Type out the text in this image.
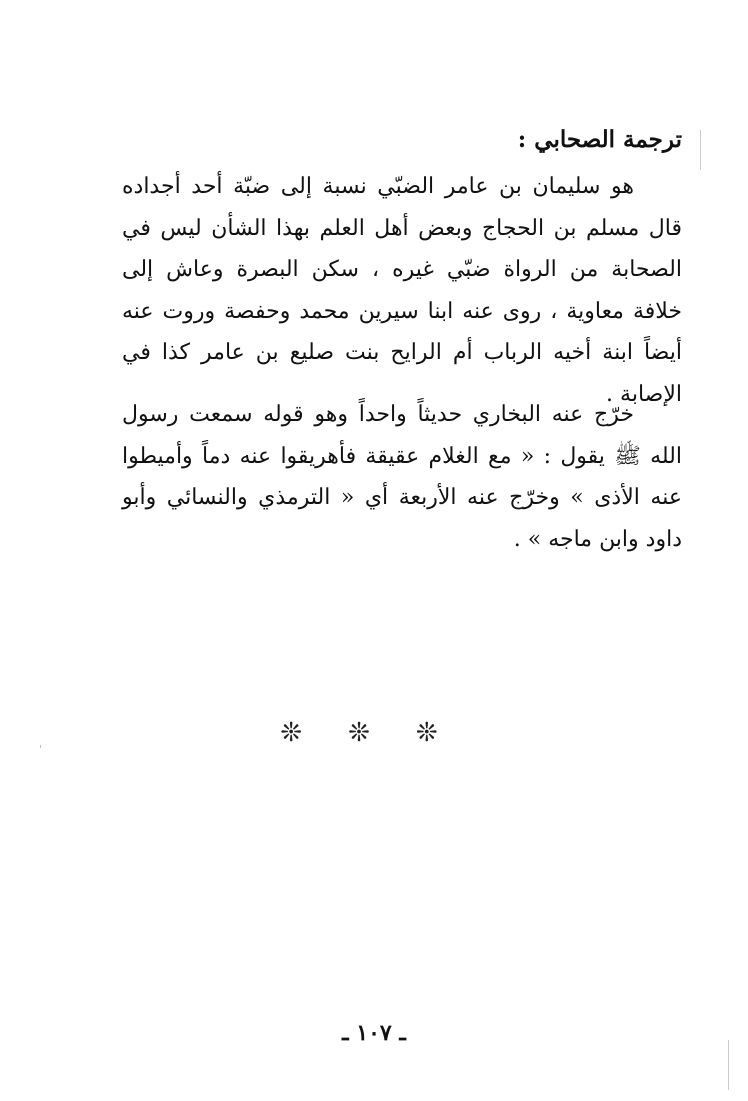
ترجمة الصحابي :

هو سليمان بن عامر الضبّي نسبة إلى ضبّة أحد أجداده قال مسلم بن الحجاج وبعض أهل العلم بهذا الشأن ليس في الصحابة من الرواة ضبّي غيره ، سكن البصرة وعاش إلى خلافة معاوية ، روى عنه ابنا سيرين محمد وحفصة وروت عنه أيضاً ابنة أخيه الرباب أم الرايح بنت صليع بن عامر كذا في الإصابة .

خرّج عنه البخاري حديثاً واحداً وهو قوله سمعت رسول الله ﷺ يقول : « مع الغلام عقيقة فأهريقوا عنه دماً وأميطوا عنه الأذى » وخرّج عنه الأربعة أي « الترمذي والنسائي وأبو داود وابن ماجه » .

❊ ❊ ❊
ـ ١٠٧ ـ
